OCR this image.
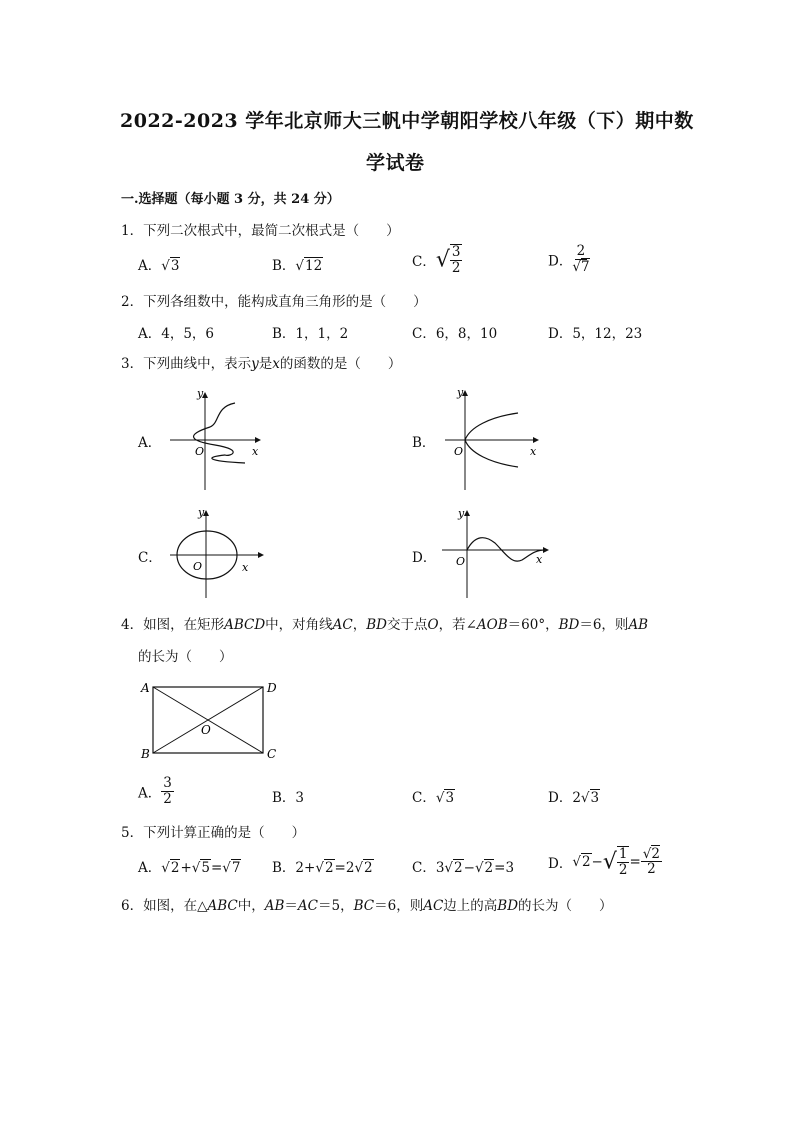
2022-2023 学年北京师大三帆中学朝阳学校八年级（下）期中数
学试卷
一.选择题（每小题 3 分，共 24 分）
1．下列二次根式中，最简二次根式是（　　）
A．√3	B．√12	C．√ $\frac{3}{2}$	D． $\frac{2}{√7}$
2．下列各组数中，能构成直角三角形的是（　　）
A．4，5，6	B．1，1，2	C．6，8，10	D．5，12，23
3．下列曲线中，表示y是x的函数的是（　　）
A．
y
x
O
B．
y
x
O
C．
y
x
O
D．
y
x
O
4．如图，在矩形ABCD中，对角线AC，BD交于点O，若∠AOB＝60°，BD＝6，则AB
的长为（　　）
A	D
B	C
O
A． $\frac{3}{2}$	B．3	C．√3	D．2√3
5．下列计算正确的是（　　）
A．√2+√5=√7 B．2+√2=2√2	C．3√2−√2=3	D．$√2-√ \frac{1}{2} = \frac{√2}{2}$
6．如图，在△ABC中，AB＝AC＝5，BC＝6，则AC边上的高BD的长为（　　）
